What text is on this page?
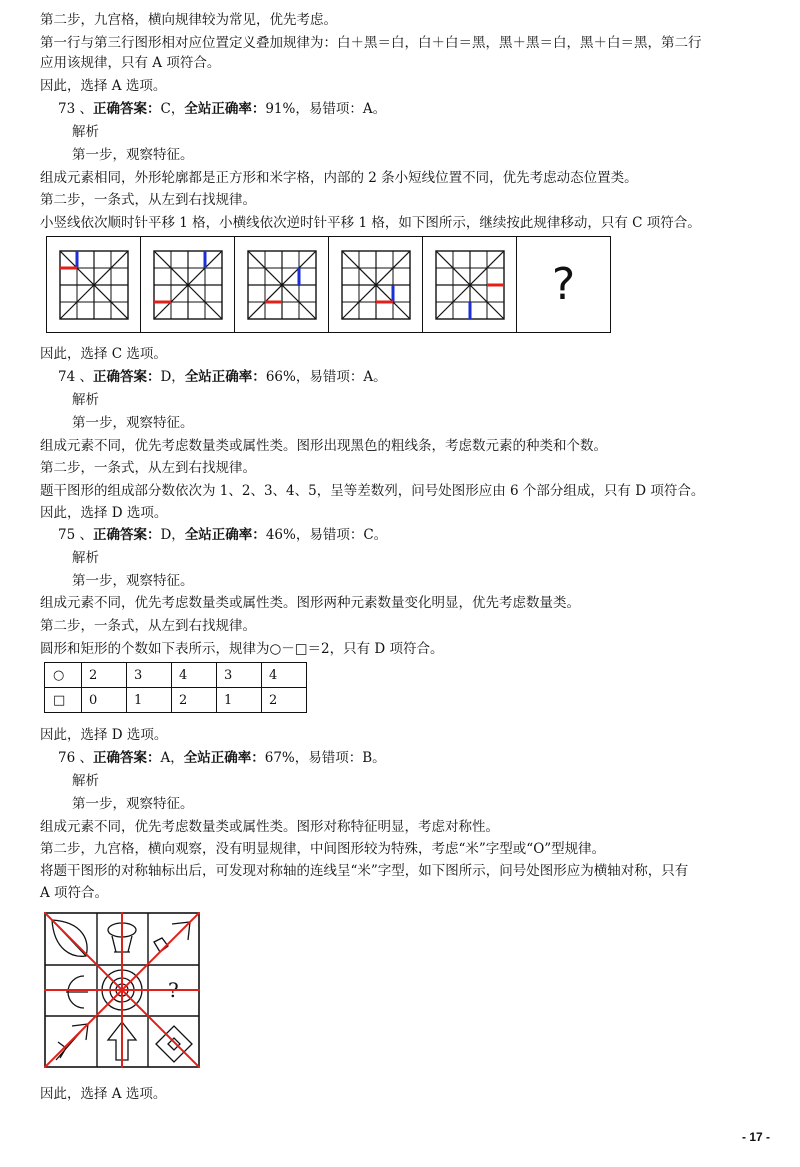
第二步，九宫格，横向规律较为常见，优先考虑。
第一行与第三行图形相对应位置定义叠加规律为：白＋黑＝白，白＋白＝黑，黑＋黑＝白，黑＋白＝黑，第二行
应用该规律，只有 A 项符合。
因此，选择 A 选项。
73 、正确答案：C，全站正确率：91%，易错项：A。
解析
第一步，观察特征。
组成元素相同，外形轮廓都是正方形和米字格，内部的 2 条小短线位置不同，优先考虑动态位置类。
第二步，一条式，从左到右找规律。
小竖线依次顺时针平移 1 格，小横线依次逆时针平移 1 格，如下图所示，继续按此规律移动，只有 C 项符合。
?
因此，选择 C 选项。
74 、正确答案：D，全站正确率：66%，易错项：A。
解析
第一步，观察特征。
组成元素不同，优先考虑数量类或属性类。图形出现黑色的粗线条，考虑数元素的种类和个数。
第二步，一条式，从左到右找规律。
题干图形的组成部分数依次为 1、2、3、4、5，呈等差数列，问号处图形应由 6 个部分组成，只有 D 项符合。
因此，选择 D 选项。
75 、正确答案：D，全站正确率：46%，易错项：C。
解析
第一步，观察特征。
组成元素不同，优先考虑数量类或属性类。图形两种元素数量变化明显，优先考虑数量类。
第二步，一条式，从左到右找规律。
圆形和矩形的个数如下表所示，规律为○－□＝2，只有 D 项符合。
○	2	3	4	3	4
□	0	1	2	1	2
因此，选择 D 选项。
76 、正确答案：A，全站正确率：67%，易错项：B。
解析
第一步，观察特征。
组成元素不同，优先考虑数量类或属性类。图形对称特征明显，考虑对称性。
第二步，九宫格，横向观察，没有明显规律，中间图形较为特殊，考虑“米”字型或“O”型规律。
将题干图形的对称轴标出后，可发现对称轴的连线呈“米”字型，如下图所示，问号处图形应为横轴对称，只有
A 项符合。
?
因此，选择 A 选项。
- 17 -
